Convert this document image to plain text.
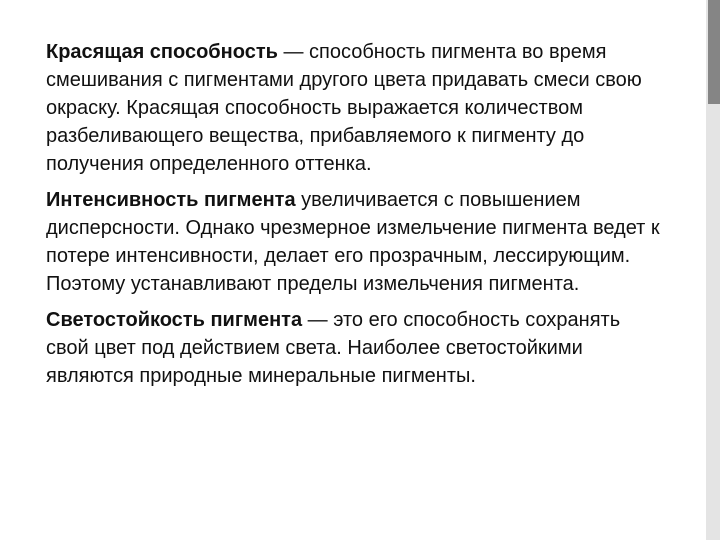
Красящая способность — способность пигмента во время смешивания с пигментами другого цвета придавать смеси свою окраску. Красящая способность выражается количеством разбеливающего вещества, прибавляемого к пигменту до получения определенного оттенка.

Интенсивность пигмента увеличивается с повышением дисперсности. Однако чрезмерное измельчение пигмента ведет к потере интенсивности, делает его прозрачным, лессирующим. Поэтому устанавливают пределы измельчения пигмента.

Светостойкость пигмента — это его способность сохранять свой цвет под действием света. Наиболее светостойкими являются природные минеральные пигменты.
